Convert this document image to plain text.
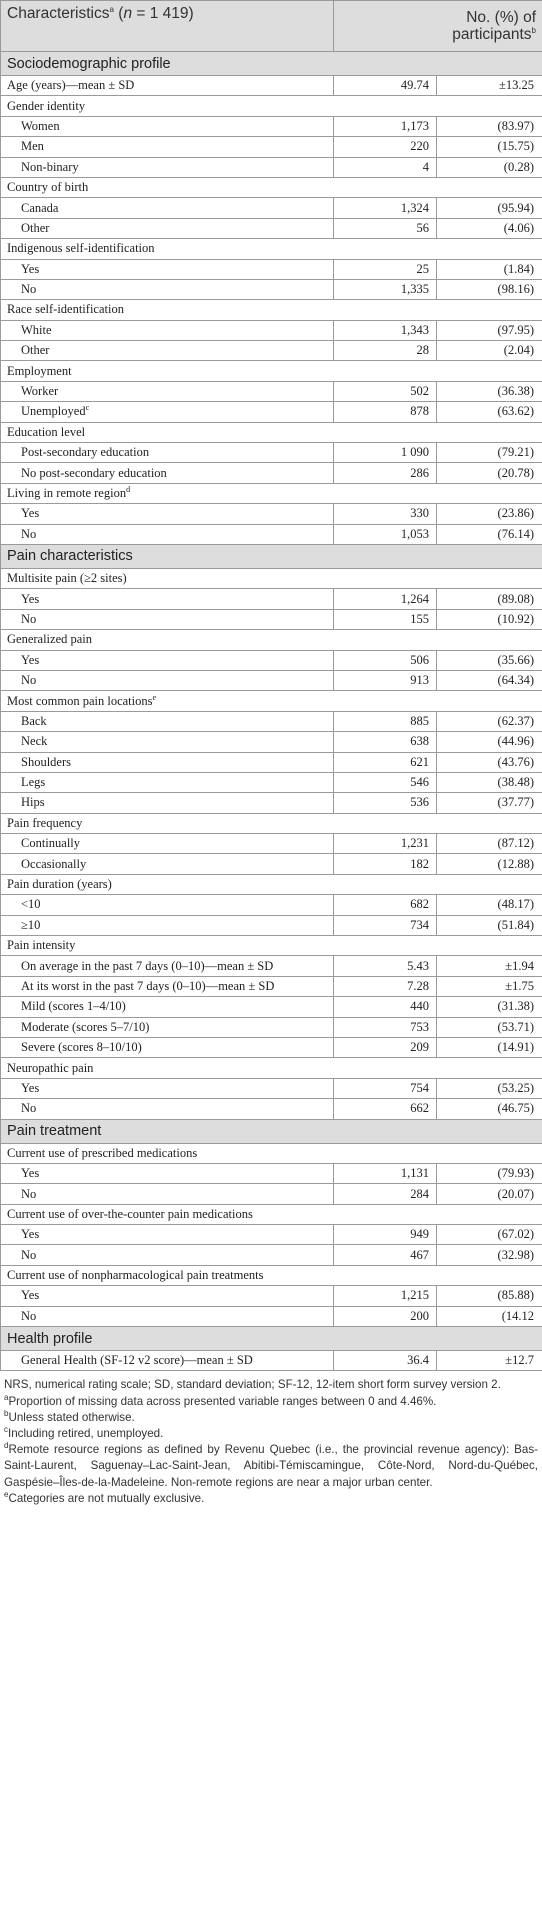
Characteristics$^a$ (n = 1 419)	No. (%) of
participants$^b$
Sociodemographic profile		
Age (years)—mean ± SD	49.74	±13.25
Gender identity		
Women	1,173	(83.97)
Men	220	(15.75)
Non-binary	4	(0.28)
Country of birth		
Canada	1,324	(95.94)
Other	56	(4.06)
Indigenous self-identification		
Yes	25	(1.84)
No	1,335	(98.16)
Race self-identification		
White	1,343	(97.95)
Other	28	(2.04)
Employment		
Worker	502	(36.38)
Unemployed$^c$	878	(63.62)
Education level		
Post-secondary education	1 090	(79.21)
No post-secondary education	286	(20.78)
Living in remote region$^d$
Yes	330	(23.86)
No	1,053	(76.14)
Pain characteristics		
Multisite pain (≥2 sites)		
Yes	1,264	(89.08)
No	155	(10.92)
Generalized pain		
Yes	506	(35.66)
No	913	(64.34)
Most common pain locations$^e$
Back	885	(62.37)
Neck	638	(44.96)
Shoulders	621	(43.76)
Legs	546	(38.48)
Hips	536	(37.77)
Pain frequency		
Continually	1,231	(87.12)
Occasionally	182	(12.88)
Pain duration (years)		
<10	682	(48.17)
≥10	734	(51.84)
Pain intensity		
On average in the past 7 days (0–10)—mean ± SD	5.43	±1.94
At its worst in the past 7 days (0–10)—mean ± SD	7.28	±1.75
Mild (scores 1–4/10)	440	(31.38)
Moderate (scores 5–7/10)	753	(53.71)
Severe (scores 8–10/10)	209	(14.91)
Neuropathic pain		
Yes	754	(53.25)
No	662	(46.75)
Pain treatment		
Current use of prescribed medications		
Yes	1,131	(79.93)
No	284	(20.07)
Current use of over-the-counter pain medications		
Yes	949	(67.02)
No	467	(32.98)
Current use of nonpharmacological pain treatments		
Yes	1,215	(85.88)
No	200	(14.12
Health profile		
General Health (SF-12 v2 score)—mean ± SD	36.4	±12.7

NRS, numerical rating scale; SD, standard deviation; SF-12, 12-item short form survey version 2.

$^a$Proportion of missing data across presented variable ranges between 0 and 4.46%.

$^b$Unless stated otherwise.

$^c$Including retired, unemployed.

$^d$Remote resource regions as defined by Revenu Quebec (i.e., the provincial revenue agency): Bas-Saint-Laurent, Saguenay–Lac-Saint-Jean, Abitibi-Témiscamingue, Côte-Nord, Nord-du-Québec, Gaspésie–Îles-de-la-Madeleine. Non-remote regions are near a major urban center.

$^e$Categories are not mutually exclusive.
